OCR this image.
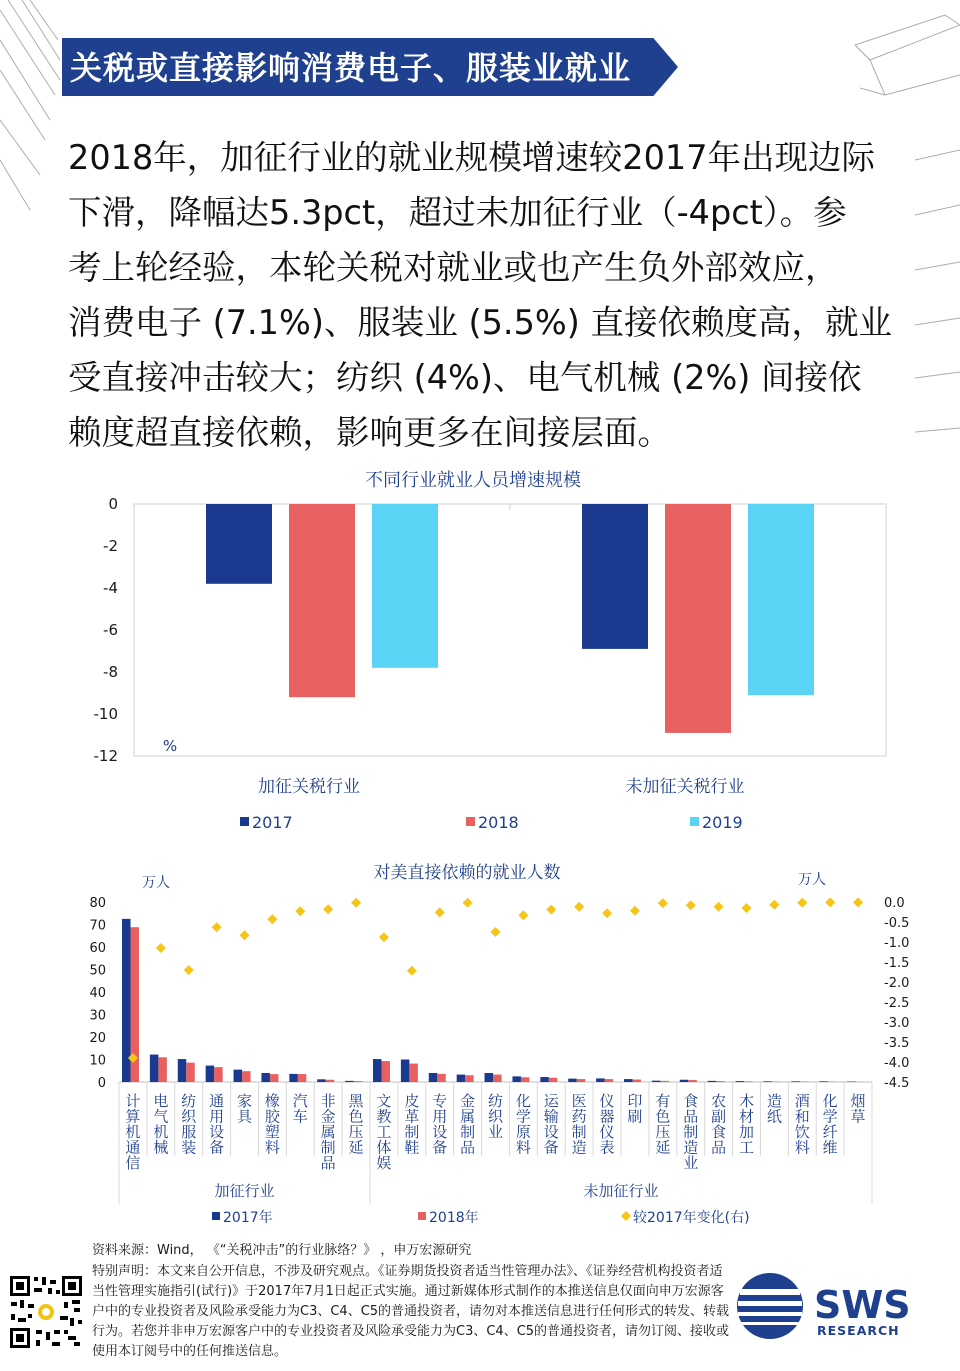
关税或直接影响消费电子、服装业就业
2018年，加征行业的就业规模增速较2017年出现边际
下滑，降幅达5.3pct，超过未加征行业（-4pct）。参
考上轮经验，本轮关税对就业或也产生负外部效应，
消费电子 (7.1%)、服装业 (5.5%) 直接依赖度高，就业
受直接冲击较大；纺织 (4%)、电气机械 (2%) 间接依
赖度超直接依赖，影响更多在间接层面。
不同行业就业人员增速规模
0
-2
-4
-6
-8
-10
-12
%
加征关税行业	未加征关税行业
2017	2018	2019
对美直接依赖的就业人数
万人	万人
80
70
60
50
40
30
20
10
0
0.0
-0.5
-1.0
-1.5
-2.0
-2.5
-3.0
-3.5
-4.0
-4.5
计算机通信
电气机械
纺织服装
通用设备
家具
橡胶塑料
汽车
非金属制品
黑色压延
文教工体娱
皮革制鞋
专用设备
金属制品
纺织业
化学原料
运输设备
医药制造
仪器仪表
印刷
有色压延
食品制造业
农副食品
木材加工
造纸
酒和饮料
化学纤维
烟草
加征行业	未加征行业
2017年	2018年	较2017年变化(右)
资料来源：Wind， 《“关税冲击”的行业脉络？》 ，申万宏源研究
特别声明：本文来自公开信息，不涉及研究观点。《证券期货投资者适当性管理办法》、《证券经营机构投资者适当性管理实施指引(试行)》于2017年7月1日起正式实施。通过新媒体形式制作的本推送信息仅面向申万宏源客户中的专业投资者及风险承受能力为C3、C4、C5的普通投资者，请勿对本推送信息进行任何形式的转发、转载行为。若您并非申万宏源客户中的专业投资者及风险承受能力为C3、C4、C5的普通投资者，请勿订阅、接收或使用本订阅号中的任何推送信息。
SWS
RESEARCH
